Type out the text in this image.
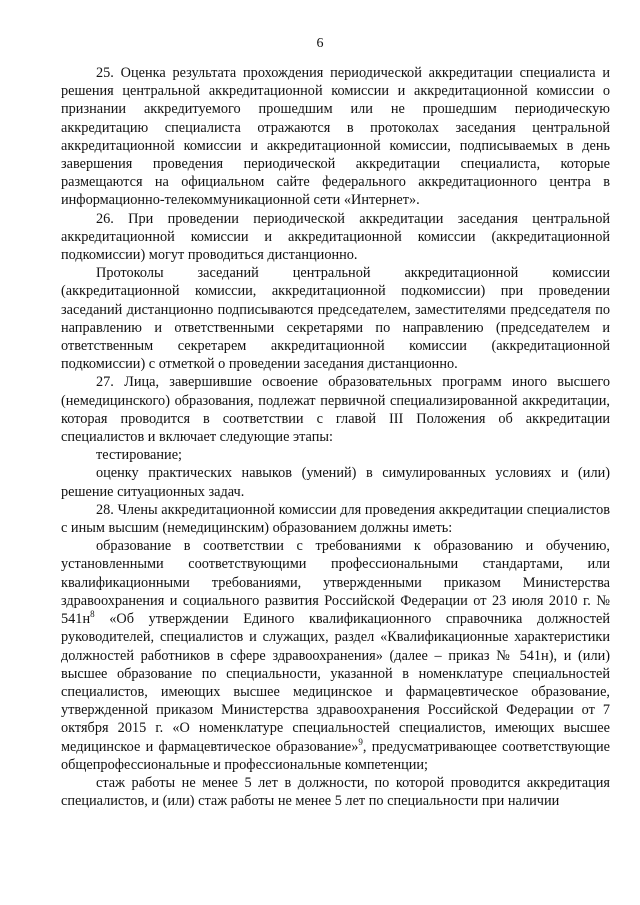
6

25. Оценка результата прохождения периодической аккредитации специалиста и решения центральной аккредитационной комиссии и аккредитационной комиссии о признании аккредитуемого прошедшим или не прошедшим периодическую аккредитацию специалиста отражаются в протоколах заседания центральной аккредитационной комиссии и аккредитационной комиссии, подписываемых в день завершения проведения периодической аккредитации специалиста, которые размещаются на официальном сайте федерального аккредитационного центра в информационно-телекоммуникационной сети «Интернет».

26. При проведении периодической аккредитации заседания центральной аккредитационной комиссии и аккредитационной комиссии (аккредитационной подкомиссии) могут проводиться дистанционно.

Протоколы заседаний центральной аккредитационной комиссии (аккредитационной комиссии, аккредитационной подкомиссии) при проведении заседаний дистанционно подписываются председателем, заместителями председателя по направлению и ответственными секретарями по направлению (председателем и ответственным секретарем аккредитационной комиссии (аккредитационной подкомиссии) с отметкой о проведении заседания дистанционно.

27. Лица, завершившие освоение образовательных программ иного высшего (немедицинского) образования, подлежат первичной специализированной аккредитации, которая проводится в соответствии с главой III Положения об аккредитации специалистов и включает следующие этапы:

тестирование;

оценку практических навыков (умений) в симулированных условиях и (или) решение ситуационных задач.

28. Члены аккредитационной комиссии для проведения аккредитации специалистов с иным высшим (немедицинским) образованием должны иметь:

образование в соответствии с требованиями к образованию и обучению, установленными соответствующими профессиональными стандартами, или квалификационными требованиями, утвержденными приказом Министерства здравоохранения и социального развития Российской Федерации от 23 июля 2010 г. № $541н^8$ «Об утверждении Единого квалификационного справочника должностей руководителей, специалистов и служащих, раздел «Квалификационные характеристики должностей работников в сфере здравоохранения» (далее – приказ № 541н), и (или) высшее образование по специальности, указанной в номенклатуре специальностей специалистов, имеющих высшее медицинское и фармацевтическое образование, утвержденной приказом Министерства здравоохранения Российской Федерации от 7 октября 2015 г. «О номенклатуре специальностей специалистов, имеющих высшее медицинское и фармацевтическое образование»$^9$, предусматривающее соответствующие общепрофессиональные и профессиональные компетенции;

стаж работы не менее 5 лет в должности, по которой проводится аккредитация специалистов, и (или) стаж работы не менее 5 лет по специальности при наличии
